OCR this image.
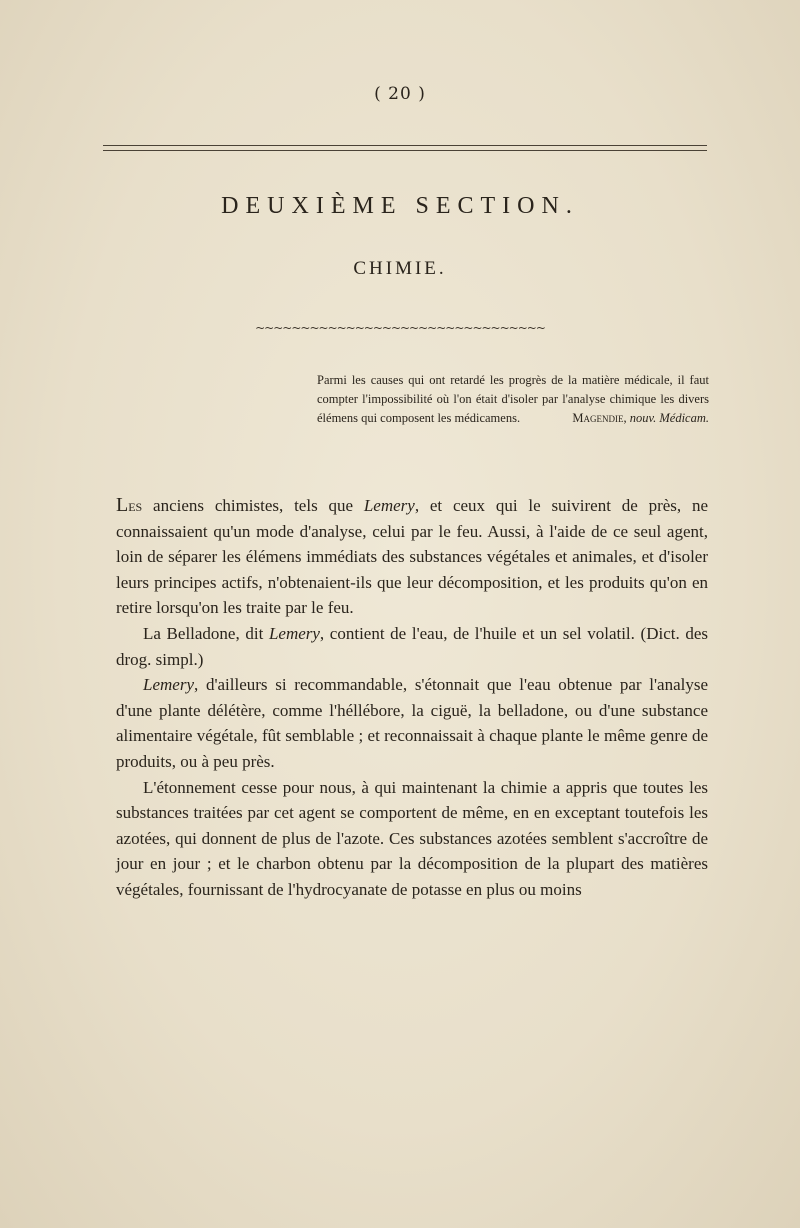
( 20 )
DEUXIÈME SECTION.
CHIMIE.
~~~~~~~~~~~~~~~~~~~~~~~~~~~~~~~~
Parmi les causes qui ont retardé les progrès de la matière médicale, il faut compter l'impossibilité où l'on était d'isoler par l'analyse chimique les divers élémens qui composent les médicamens.	Magendie, nouv. Médicam.

Les anciens chimistes, tels que Lemery, et ceux qui le suivirent de près, ne connaissaient qu'un mode d'analyse, celui par le feu. Aussi, à l'aide de ce seul agent, loin de séparer les élémens immédiats des substances végétales et animales, et d'isoler leurs principes actifs, n'obtenaient-ils que leur décomposition, et les produits qu'on en retire lorsqu'on les traite par le feu.

La Belladone, dit Lemery, contient de l'eau, de l'huile et un sel volatil. (Dict. des drog. simpl.)

Lemery, d'ailleurs si recommandable, s'étonnait que l'eau obtenue par l'analyse d'une plante délétère, comme l'héllébore, la ciguë, la belladone, ou d'une substance alimentaire végétale, fût semblable ; et reconnaissait à chaque plante le même genre de produits, ou à peu près.

L'étonnement cesse pour nous, à qui maintenant la chimie a appris que toutes les substances traitées par cet agent se comportent de même, en en exceptant toutefois les azotées, qui donnent de plus de l'azote. Ces substances azotées semblent s'accroître de jour en jour ; et le charbon obtenu par la décomposition de la plupart des matières végétales, fournissant de l'hydrocyanate de potasse en plus ou moins
